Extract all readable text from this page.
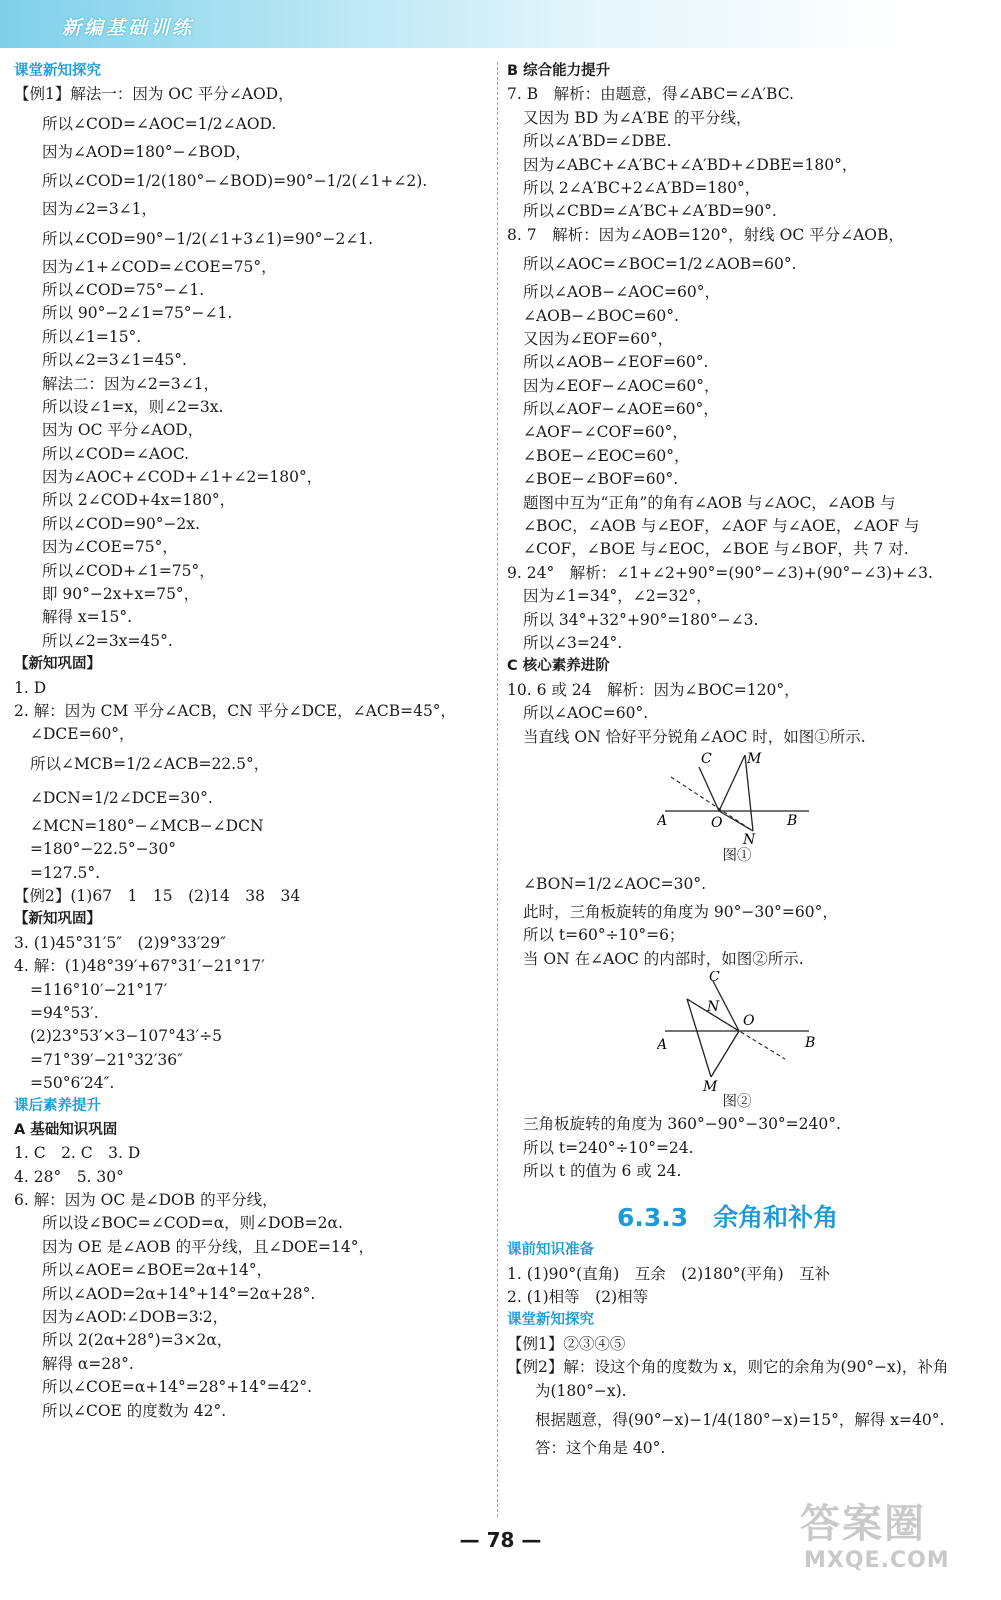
新编基础训练
课堂新知探究
【例1】解法一：因为 OC 平分∠AOD，
所以∠COD=∠AOC=1/2∠AOD.
因为∠AOD=180°−∠BOD，
所以∠COD=1/2(180°−∠BOD)=90°−1/2(∠1+∠2).
因为∠2=3∠1，
所以∠COD=90°−1/2(∠1+3∠1)=90°−2∠1.
因为∠1+∠COD=∠COE=75°，
所以∠COD=75°−∠1.
所以 90°−2∠1=75°−∠1.
所以∠1=15°.
所以∠2=3∠1=45°.
解法二：因为∠2=3∠1，
所以设∠1=x，则∠2=3x.
因为 OC 平分∠AOD，
所以∠COD=∠AOC.
因为∠AOC+∠COD+∠1+∠2=180°，
所以 2∠COD+4x=180°，
所以∠COD=90°−2x.
因为∠COE=75°，
所以∠COD+∠1=75°，
即 90°−2x+x=75°，
解得 x=15°.
所以∠2=3x=45°.
【新知巩固】
1. D
2. 解：因为 CM 平分∠ACB，CN 平分∠DCE，∠ACB=45°，
∠DCE=60°，
所以∠MCB=1/2∠ACB=22.5°，
∠DCN=1/2∠DCE=30°.
∠MCN=180°−∠MCB−∠DCN
=180°−22.5°−30°
=127.5°.
【例2】(1)67　1　15　(2)14　38　34
【新知巩固】
3. (1)45°31′5″　(2)9°33′29″
4. 解：(1)48°39′+67°31′−21°17′
=116°10′−21°17′
=94°53′.
(2)23°53′×3−107°43′÷5
=71°39′−21°32′36″
=50°6′24″.
课后素养提升
A 基础知识巩固
1. C　2. C　3. D
4. 28°　5. 30°
6. 解：因为 OC 是∠DOB 的平分线，
所以设∠BOC=∠COD=α，则∠DOB=2α.
因为 OE 是∠AOB 的平分线，且∠DOE=14°，
所以∠AOE=∠BOE=2α+14°，
所以∠AOD=2α+14°+14°=2α+28°.
因为∠AOD∶∠DOB=3∶2，
所以 2(2α+28°)=3×2α，
解得 α=28°.
所以∠COE=α+14°=28°+14°=42°.
所以∠COE 的度数为 42°.
B 综合能力提升
7. B　解析：由题意，得∠ABC=∠A′BC.
又因为 BD 为∠A′BE 的平分线，
所以∠A′BD=∠DBE.
因为∠ABC+∠A′BC+∠A′BD+∠DBE=180°，
所以 2∠A′BC+2∠A′BD=180°，
所以∠CBD=∠A′BC+∠A′BD=90°.
8. 7　解析：因为∠AOB=120°，射线 OC 平分∠AOB，
所以∠AOC=∠BOC=1/2∠AOB=60°.
所以∠AOB−∠AOC=60°，
∠AOB−∠BOC=60°.
又因为∠EOF=60°，
所以∠AOB−∠EOF=60°.
因为∠EOF−∠AOC=60°，
所以∠AOF−∠AOE=60°，
∠AOF−∠COF=60°，
∠BOE−∠EOC=60°，
∠BOE−∠BOF=60°.
题图中互为“正角”的角有∠AOB 与∠AOC，∠AOB 与
∠BOC，∠AOB 与∠EOF，∠AOF 与∠AOE，∠AOF 与
∠COF，∠BOE 与∠EOC，∠BOE 与∠BOF，共 7 对.
9. 24°　解析：∠1+∠2+90°=(90°−∠3)+(90°−∠3)+∠3.
因为∠1=34°，∠2=32°，
所以 34°+32°+90°=180°−∠3.
所以∠3=24°.
C 核心素养进阶
10. 6 或 24　解析：因为∠BOC=120°，
所以∠AOC=60°.
当直线 ON 恰好平分锐角∠AOC 时，如图①所示.
C	M
A	O	B
N
图①
∠BON=1/2∠AOC=30°.
此时，三角板旋转的角度为 90°−30°=60°，
所以 t=60°÷10°=6；
当 ON 在∠AOC 的内部时，如图②所示.
C
N
O
A	B
M
图②
三角板旋转的角度为 360°−90°−30°=240°.
所以 t=240°÷10°=24.
所以 t 的值为 6 或 24.
6.3.3　余角和补角
课前知识准备
1. (1)90°(直角)　互余　(2)180°(平角)　互补
2. (1)相等　(2)相等
课堂新知探究
【例1】②③④⑤
【例2】解：设这个角的度数为 x，则它的余角为(90°−x)，补角
为(180°−x).
根据题意，得(90°−x)−1/4(180°−x)=15°，解得 x=40°.
答：这个角是 40°.
— 78 —	答案圈
MXQE.COM
